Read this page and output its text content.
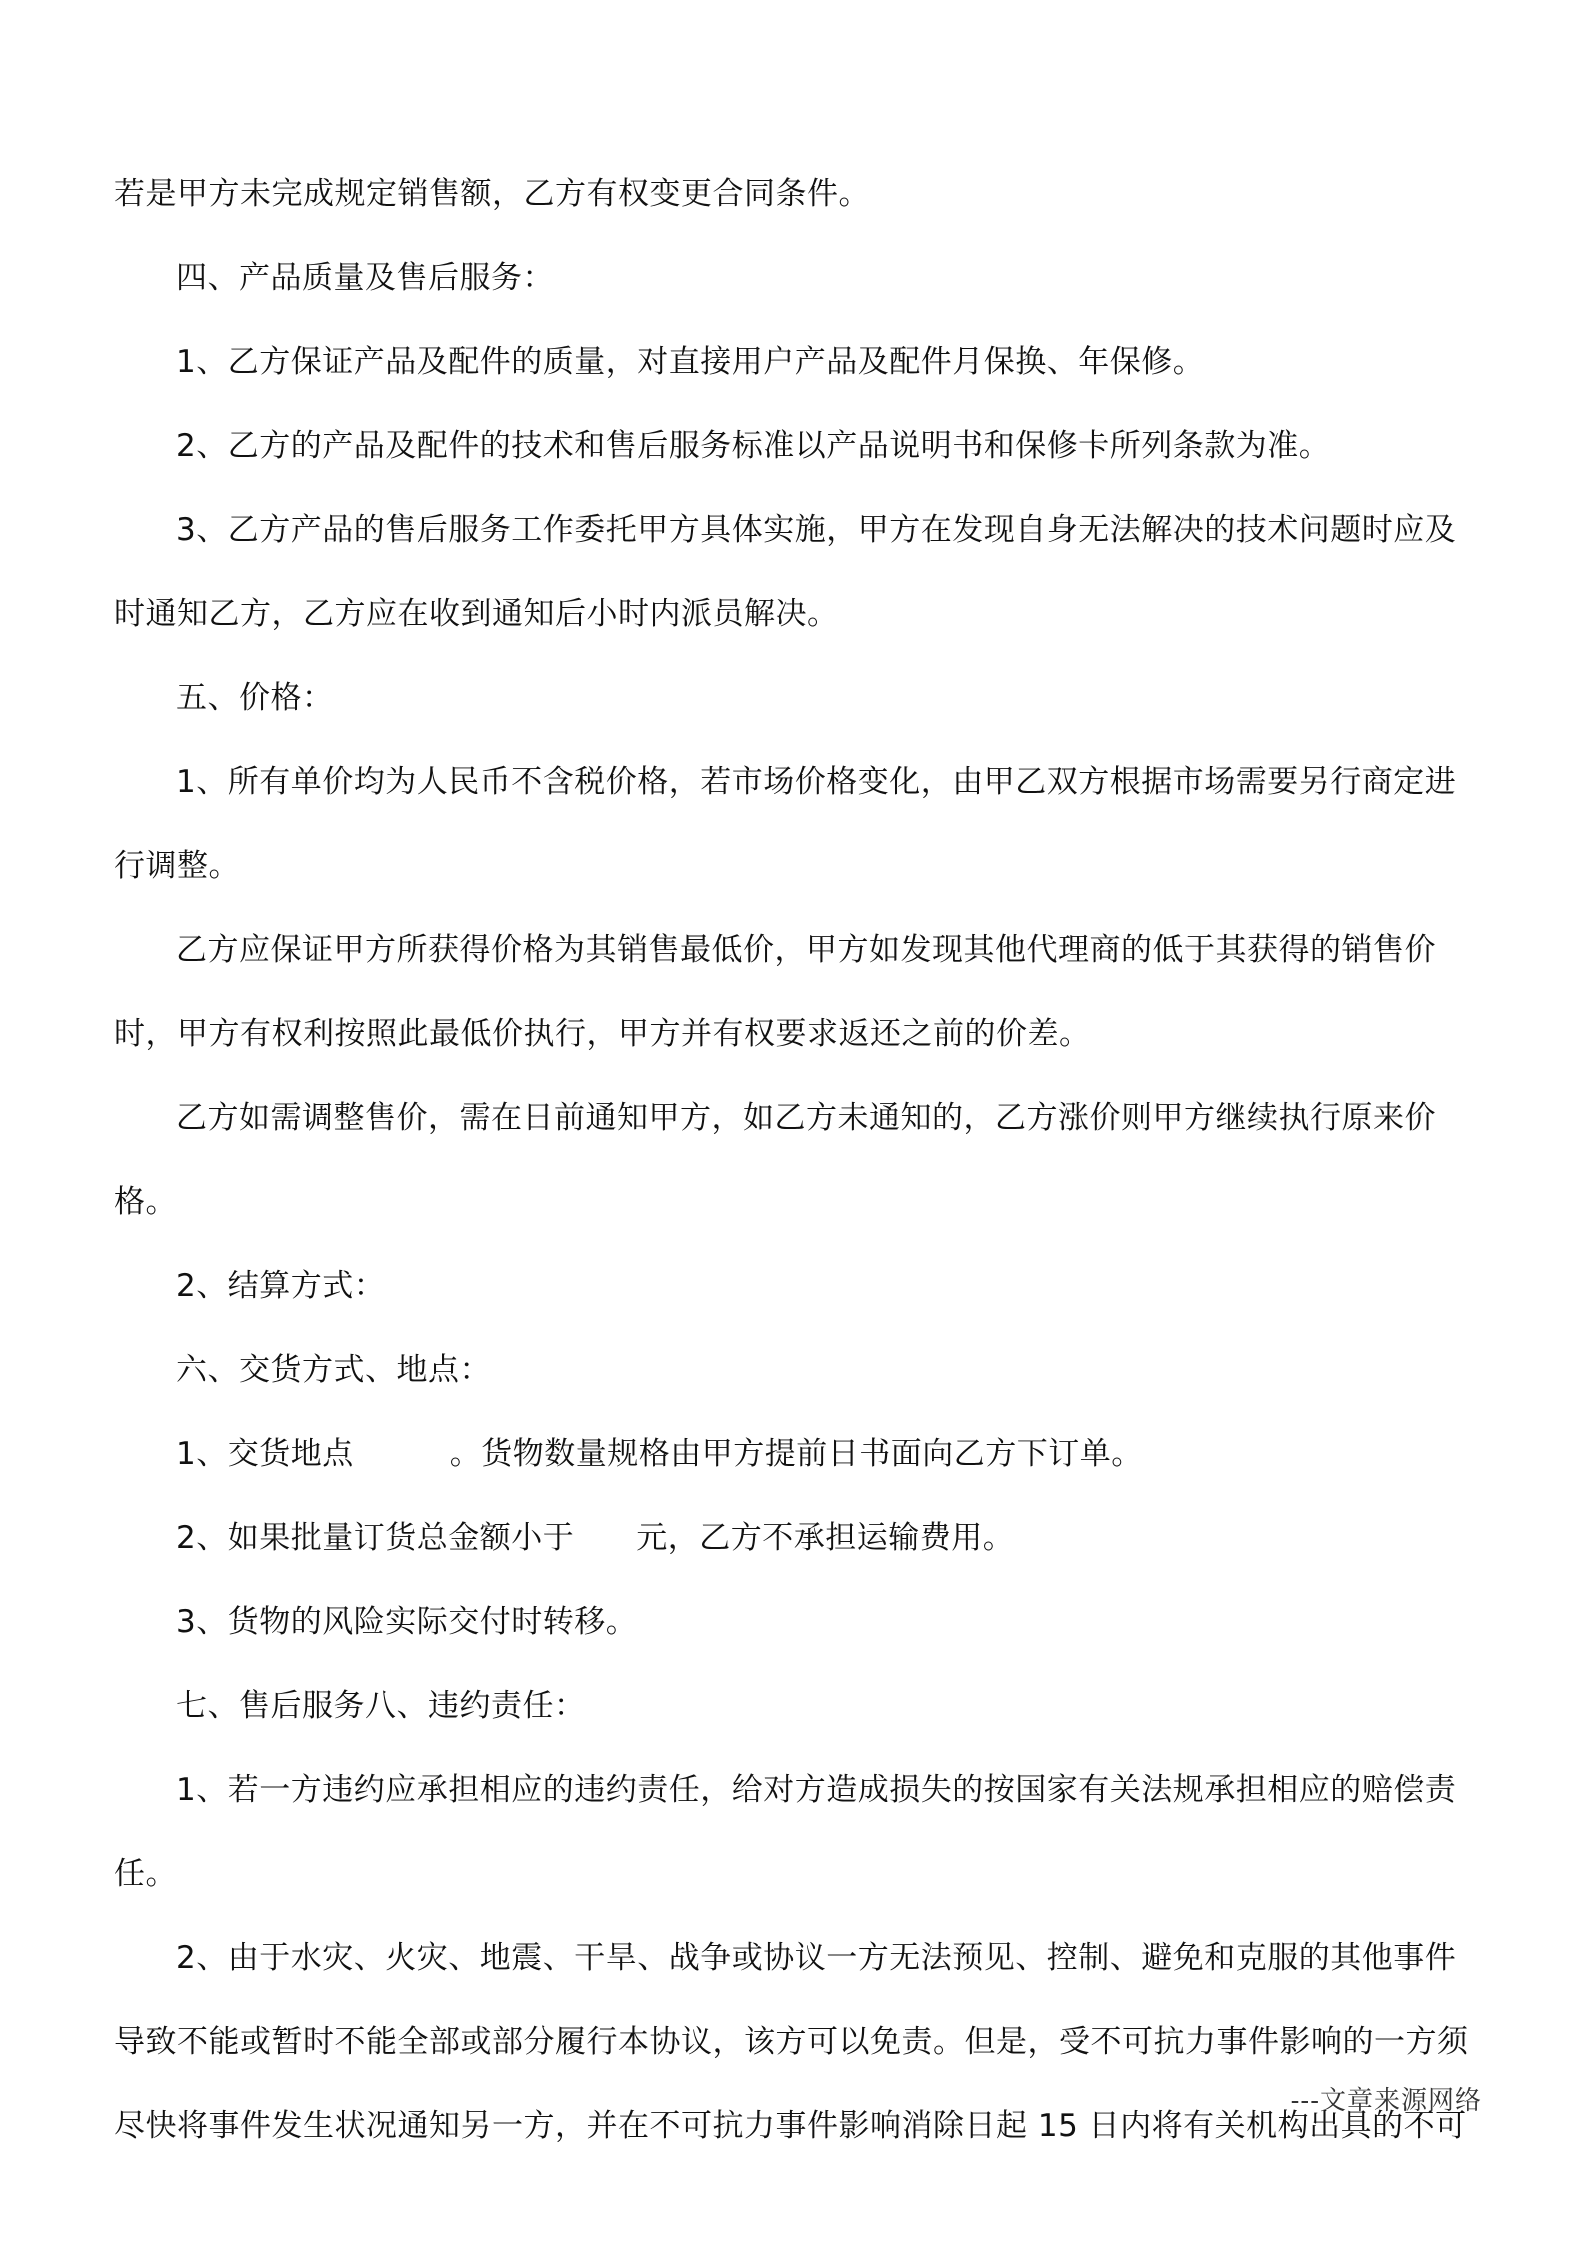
若是甲方未完成规定销售额，乙方有权变更合同条件。

四、产品质量及售后服务：

1、乙方保证产品及配件的质量，对直接用户产品及配件月保换、年保修。

2、乙方的产品及配件的技术和售后服务标准以产品说明书和保修卡所列条款为准。

3、乙方产品的售后服务工作委托甲方具体实施，甲方在发现自身无法解决的技术问题时应及时通知乙方，乙方应在收到通知后小时内派员解决。

五、价格：

1、所有单价均为人民币不含税价格，若市场价格变化，由甲乙双方根据市场需要另行商定进行调整。

乙方应保证甲方所获得价格为其销售最低价，甲方如发现其他代理商的低于其获得的销售价时，甲方有权利按照此最低价执行，甲方并有权要求返还之前的价差。

乙方如需调整售价，需在日前通知甲方，如乙方未通知的，乙方涨价则甲方继续执行原来价格。

2、结算方式：

六、交货方式、地点：

1、交货地点	。货物数量规格由甲方提前日书面向乙方下订单。

2、如果批量订货总金额小于 元，乙方不承担运输费用。

3、货物的风险实际交付时转移。

七、售后服务八、违约责任：

1、若一方违约应承担相应的违约责任，给对方造成损失的按国家有关法规承担相应的赔偿责任。

2、由于水灾、火灾、地震、干旱、战争或协议一方无法预见、控制、避免和克服的其他事件导致不能或暂时不能全部或部分履行本协议，该方可以免责。但是，受不可抗力事件影响的一方须尽快将事件发生状况通知另一方，并在不可抗力事件影响消除日起 15 日内将有关机构出具的不可

---文章来源网络
